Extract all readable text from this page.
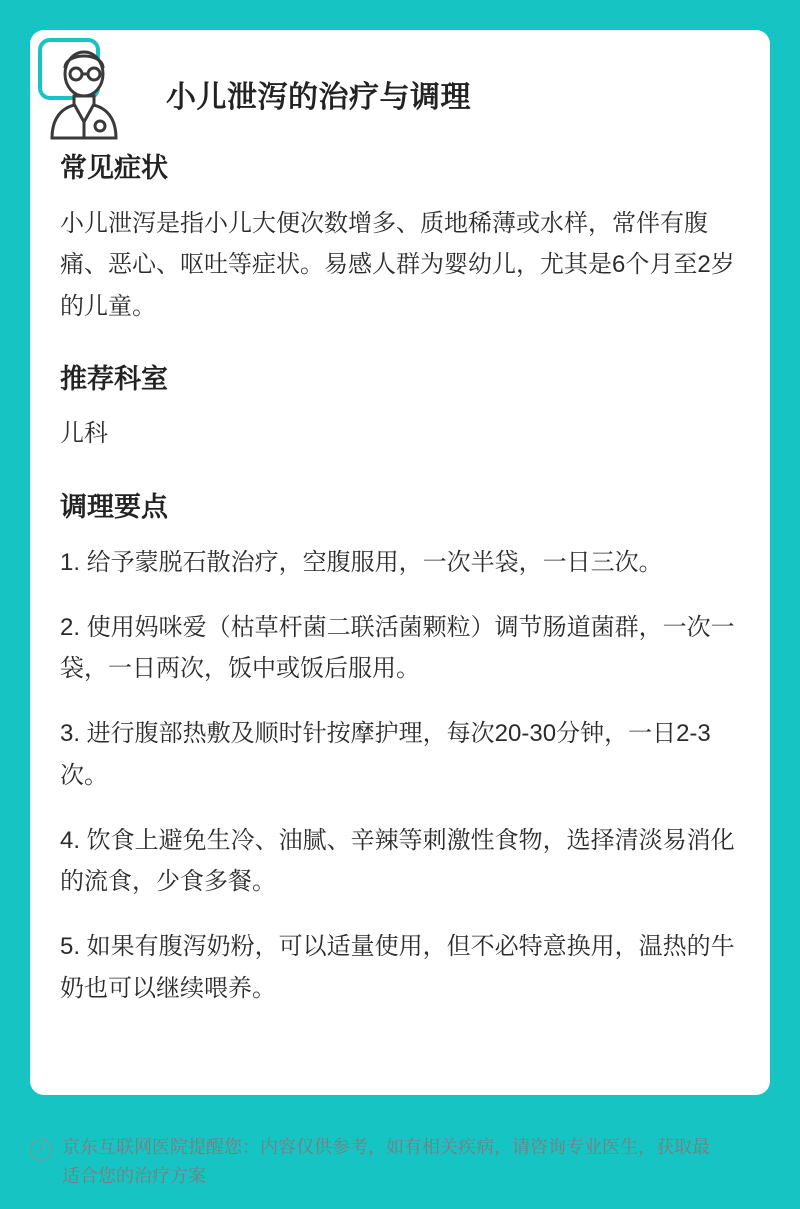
小儿泄泻的治疗与调理
常见症状

小儿泄泻是指小儿大便次数增多、质地稀薄或水样，常伴有腹痛、恶心、呕吐等症状。易感人群为婴幼儿，尤其是6个月至2岁的儿童。

推荐科室

儿科

调理要点
1. 给予蒙脱石散治疗，空腹服用，一次半袋，一日三次。
2. 使用妈咪爱（枯草杆菌二联活菌颗粒）调节肠道菌群，一次一袋，一日两次，饭中或饭后服用。
3. 进行腹部热敷及顺时针按摩护理，每次20-30分钟，一日2-3次。
4. 饮食上避免生冷、油腻、辛辣等刺激性食物，选择清淡易消化的流食，少食多餐。
5. 如果有腹泻奶粉，可以适量使用，但不必特意换用，温热的牛奶也可以继续喂养。
i	京东互联网医院提醒您：内容仅供参考，如有相关疾病，请咨询专业医生，获取最适合您的治疗方案
